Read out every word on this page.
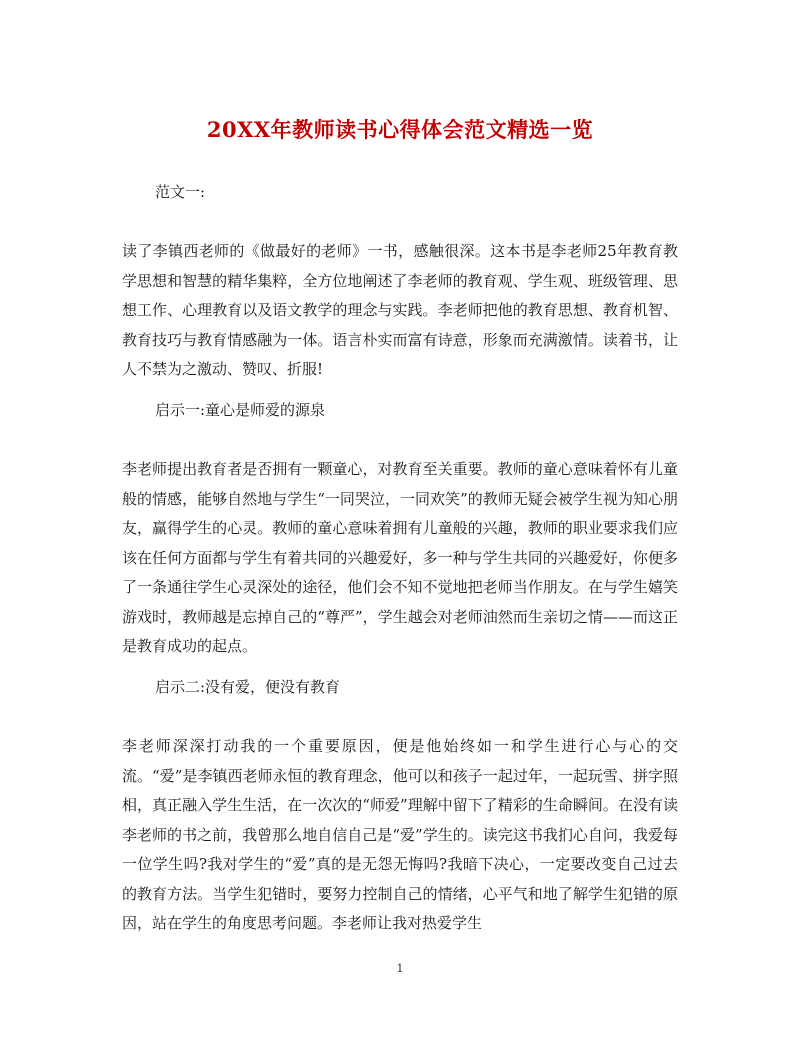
20XX年教师读书心得体会范文精选一览
范文一:
读了李镇西老师的《做最好的老师》一书，感触很深。这本书是李老师25年教育教学思想和智慧的精华集粹，全方位地阐述了李老师的教育观、学生观、班级管理、思想工作、心理教育以及语文教学的理念与实践。李老师把他的教育思想、教育机智、教育技巧与教育情感融为一体。语言朴实而富有诗意，形象而充满激情。读着书，让人不禁为之激动、赞叹、折服!
启示一:童心是师爱的源泉
李老师提出教育者是否拥有一颗童心，对教育至关重要。教师的童心意味着怀有儿童般的情感，能够自然地与学生“一同哭泣，一同欢笑”的教师无疑会被学生视为知心朋友，赢得学生的心灵。教师的童心意味着拥有儿童般的兴趣，教师的职业要求我们应该在任何方面都与学生有着共同的兴趣爱好，多一种与学生共同的兴趣爱好，你便多了一条通往学生心灵深处的途径，他们会不知不觉地把老师当作朋友。在与学生嬉笑游戏时，教师越是忘掉自己的“尊严”，学生越会对老师油然而生亲切之情——而这正是教育成功的起点。
启示二:没有爱，便没有教育
李老师深深打动我的一个重要原因，便是他始终如一和学生进行心与心的交流。“爱”是李镇西老师永恒的教育理念，他可以和孩子一起过年，一起玩雪、拼字照相，真正融入学生生活，在一次次的“师爱”理解中留下了精彩的生命瞬间。在没有读李老师的书之前，我曾那么地自信自己是“爱”学生的。读完这书我扪心自问，我爱每一位学生吗?我对学生的“爱”真的是无怨无悔吗?我暗下决心，一定要改变自己过去的教育方法。当学生犯错时，要努力控制自己的情绪，心平气和地了解学生犯错的原因，站在学生的角度思考问题。李老师让我对热爱学生
1
